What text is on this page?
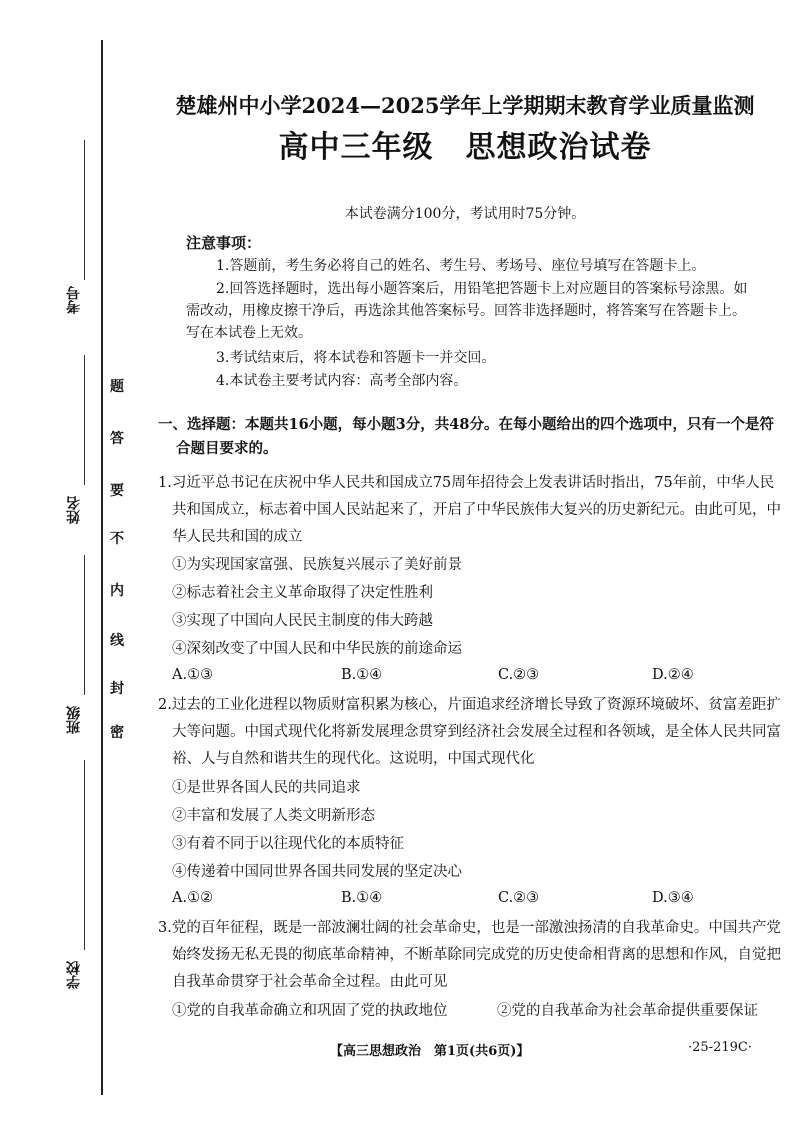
考号
姓名
班级
学校
题
答
要
不
内
线
封
密
楚雄州中小学2024—2025学年上学期期末教育学业质量监测
高中三年级 思想政治试卷
本试卷满分100分，考试用时75分钟。
注意事项：
1.答题前，考生务必将自己的姓名、考生号、考场号、座位号填写在答题卡上。
2.回答选择题时，选出每小题答案后，用铅笔把答题卡上对应题目的答案标号涂黑。如需改动，用橡皮擦干净后，再选涂其他答案标号。回答非选择题时，将答案写在答题卡上。写在本试卷上无效。
3.考试结束后，将本试卷和答题卡一并交回。
4.本试卷主要考试内容：高考全部内容。
一、选择题：本题共16小题，每小题3分，共48分。在每小题给出的四个选项中，只有一个是符合题目要求的。
1.习近平总书记在庆祝中华人民共和国成立75周年招待会上发表讲话时指出，75年前，中华人民共和国成立，标志着中国人民站起来了，开启了中华民族伟大复兴的历史新纪元。由此可见，中华人民共和国的成立
①为实现国家富强、民族复兴展示了美好前景
②标志着社会主义革命取得了决定性胜利
③实现了中国向人民民主制度的伟大跨越
④深刻改变了中国人民和中华民族的前途命运
A.①③	B.①④	C.②③	D.②④
2.过去的工业化进程以物质财富积累为核心，片面追求经济增长导致了资源环境破坏、贫富差距扩大等问题。中国式现代化将新发展理念贯穿到经济社会发展全过程和各领域，是全体人民共同富裕、人与自然和谐共生的现代化。这说明，中国式现代化
①是世界各国人民的共同追求
②丰富和发展了人类文明新形态
③有着不同于以往现代化的本质特征
④传递着中国同世界各国共同发展的坚定决心
A.①②	B.①④	C.②③	D.③④
3.党的百年征程，既是一部波澜壮阔的社会革命史，也是一部激浊扬清的自我革命史。中国共产党始终发扬无私无畏的彻底革命精神，不断革除同完成党的历史使命相背离的思想和作风，自觉把自我革命贯穿于社会革命全过程。由此可见
①党的自我革命确立和巩固了党的执政地位	②党的自我革命为社会革命提供重要保证
【高三思想政治　第1页(共6页)】	·25-219C·
